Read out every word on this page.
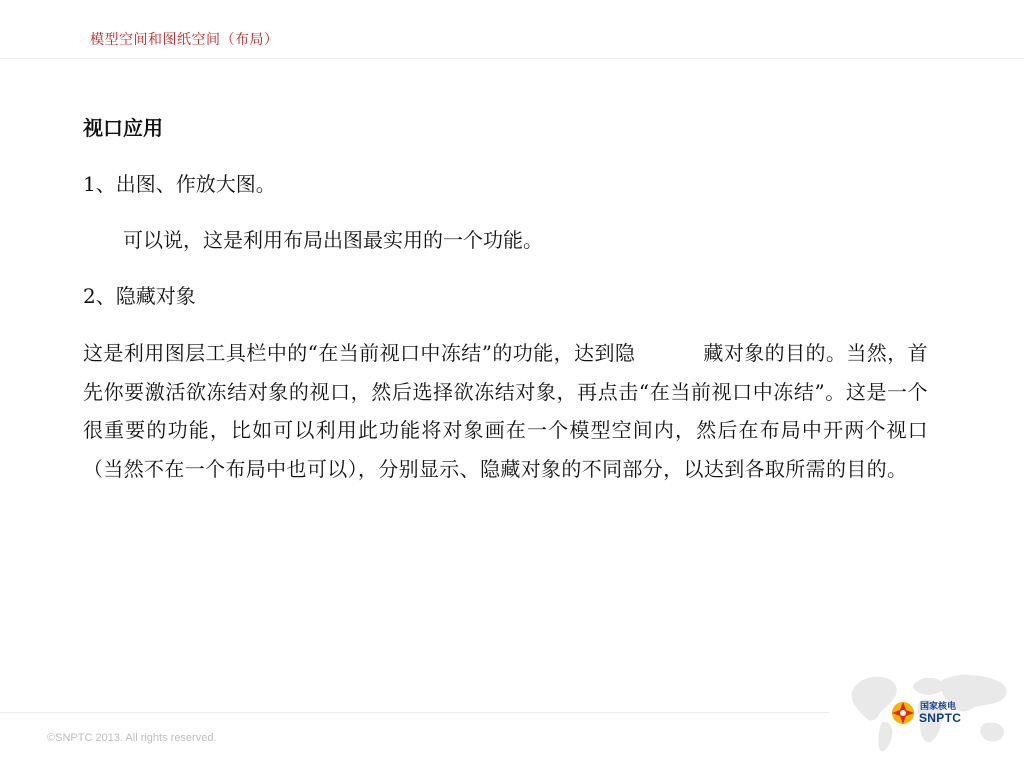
模型空间和图纸空间（布局）
视口应用
1、出图、作放大图。
可以说，这是利用布局出图最实用的一个功能。
2、隐藏对象

这是利用图层工具栏中的“在当前视口中冻结”的功能，达到隐	藏对象的目的。当然，首先你要激活欲冻结对象的视口，然后选择欲冻结对象，再点击“在当前视口中冻结”。这是一个很重要的功能，比如可以利用此功能将对象画在一个模型空间内，然后在布局中开两个视口（当然不在一个布局中也可以），分别显示、隐藏对象的不同部分，以达到各取所需的目的。

©SNPTC 2013. All rights reserved.
国家核电
SNPTC
